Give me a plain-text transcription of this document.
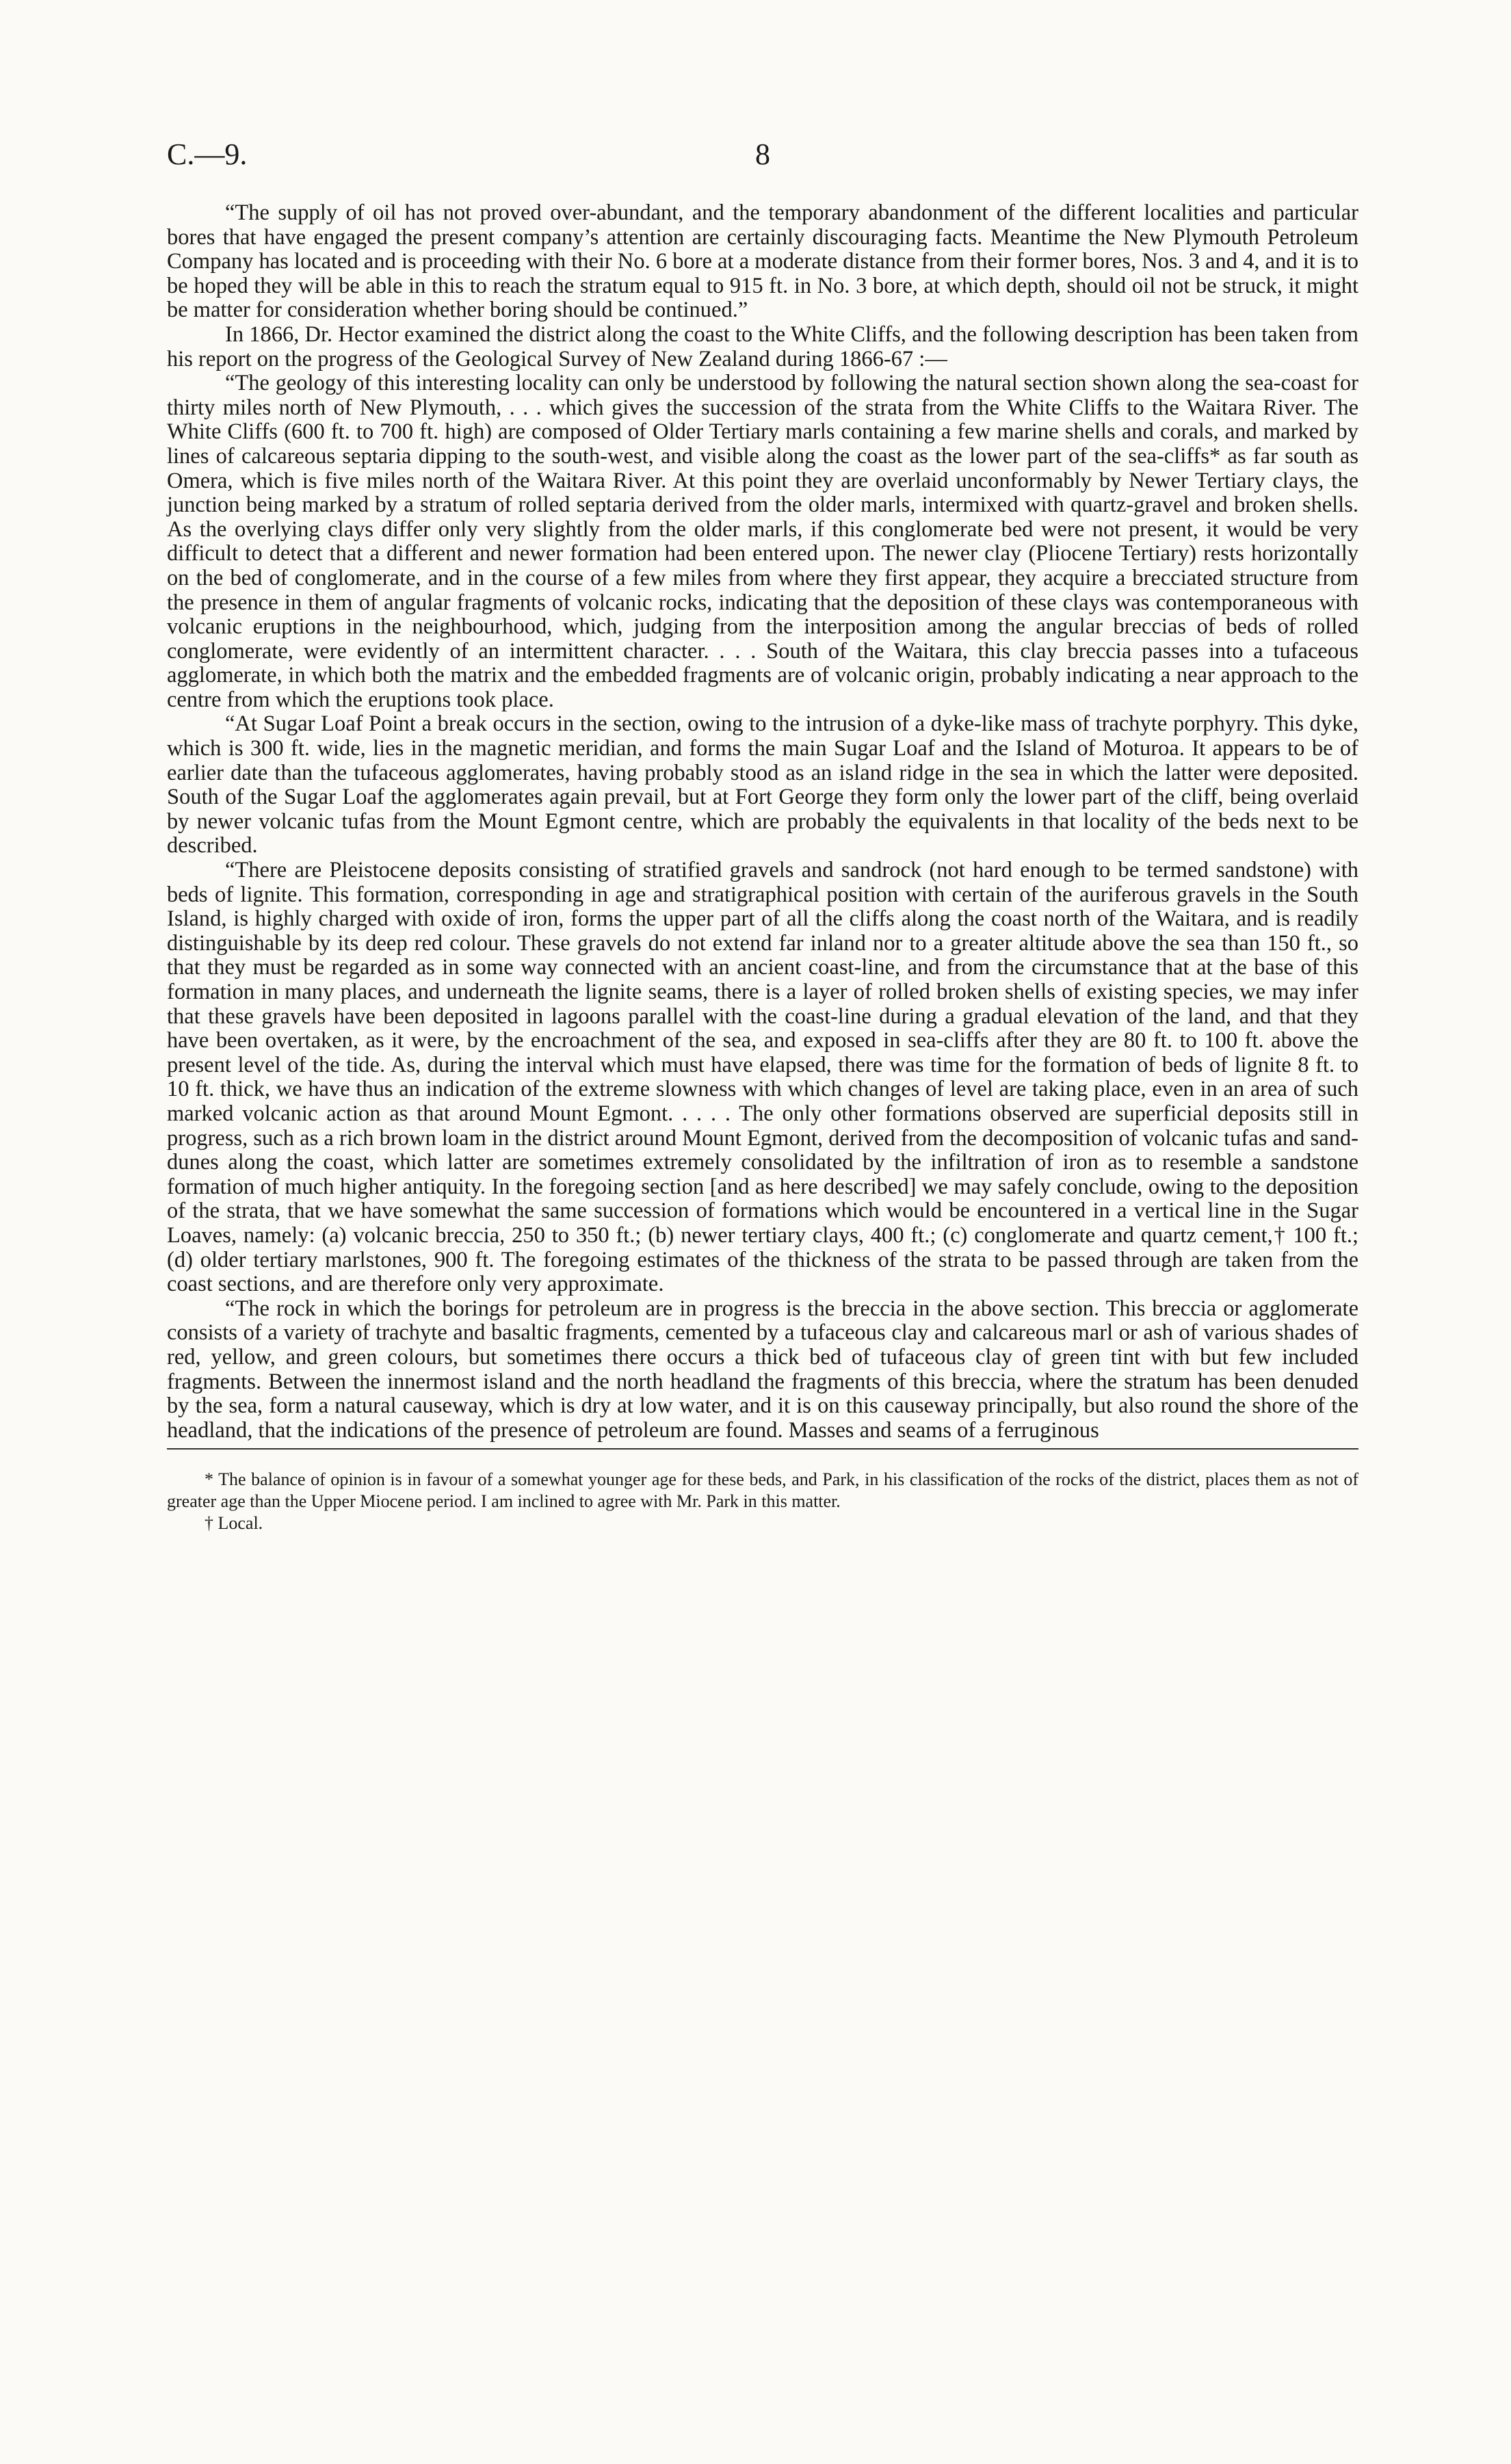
C.—9.	8

“The supply of oil has not proved over-abundant, and the temporary abandonment of the different localities and particular bores that have engaged the present company’s attention are certainly discouraging facts. Meantime the New Plymouth Petroleum Company has located and is proceeding with their No. 6 bore at a moderate distance from their former bores, Nos. 3 and 4, and it is to be hoped they will be able in this to reach the stratum equal to 915 ft. in No. 3 bore, at which depth, should oil not be struck, it might be matter for consideration whether boring should be continued.”

In 1866, Dr. Hector examined the district along the coast to the White Cliffs, and the following description has been taken from his report on the progress of the Geological Survey of New Zealand during 1866-67 :—

“The geology of this interesting locality can only be understood by following the natural section shown along the sea-coast for thirty miles north of New Plymouth, . . . which gives the succession of the strata from the White Cliffs to the Waitara River. The White Cliffs (600 ft. to 700 ft. high) are composed of Older Tertiary marls containing a few marine shells and corals, and marked by lines of calcareous septaria dipping to the south-west, and visible along the coast as the lower part of the sea-cliffs* as far south as Omera, which is five miles north of the Waitara River. At this point they are overlaid unconformably by Newer Tertiary clays, the junction being marked by a stratum of rolled septaria derived from the older marls, intermixed with quartz-gravel and broken shells. As the overlying clays differ only very slightly from the older marls, if this conglomerate bed were not present, it would be very difficult to detect that a different and newer formation had been entered upon. The newer clay (Pliocene Tertiary) rests horizontally on the bed of conglomerate, and in the course of a few miles from where they first appear, they acquire a brecciated structure from the presence in them of angular fragments of volcanic rocks, indicating that the deposition of these clays was contemporaneous with volcanic eruptions in the neighbourhood, which, judging from the interposition among the angular breccias of beds of rolled conglomerate, were evidently of an intermittent character. . . . South of the Waitara, this clay breccia passes into a tufaceous agglomerate, in which both the matrix and the embedded fragments are of volcanic origin, probably indicating a near approach to the centre from which the eruptions took place.

“At Sugar Loaf Point a break occurs in the section, owing to the intrusion of a dyke-like mass of trachyte porphyry. This dyke, which is 300 ft. wide, lies in the magnetic meridian, and forms the main Sugar Loaf and the Island of Moturoa. It appears to be of earlier date than the tufaceous agglomerates, having probably stood as an island ridge in the sea in which the latter were deposited. South of the Sugar Loaf the agglomerates again prevail, but at Fort George they form only the lower part of the cliff, being overlaid by newer volcanic tufas from the Mount Egmont centre, which are probably the equivalents in that locality of the beds next to be described.

“There are Pleistocene deposits consisting of stratified gravels and sandrock (not hard enough to be termed sandstone) with beds of lignite. This formation, corresponding in age and stratigraphical position with certain of the auriferous gravels in the South Island, is highly charged with oxide of iron, forms the upper part of all the cliffs along the coast north of the Waitara, and is readily distinguishable by its deep red colour. These gravels do not extend far inland nor to a greater altitude above the sea than 150 ft., so that they must be regarded as in some way connected with an ancient coast-line, and from the circumstance that at the base of this formation in many places, and underneath the lignite seams, there is a layer of rolled broken shells of existing species, we may infer that these gravels have been deposited in lagoons parallel with the coast-line during a gradual elevation of the land, and that they have been overtaken, as it were, by the encroachment of the sea, and exposed in sea-cliffs after they are 80 ft. to 100 ft. above the present level of the tide. As, during the interval which must have elapsed, there was time for the formation of beds of lignite 8 ft. to 10 ft. thick, we have thus an indication of the extreme slowness with which changes of level are taking place, even in an area of such marked volcanic action as that around Mount Egmont. . . . . The only other formations observed are superficial deposits still in progress, such as a rich brown loam in the district around Mount Egmont, derived from the decomposition of volcanic tufas and sand-dunes along the coast, which latter are sometimes extremely consolidated by the infiltration of iron as to resemble a sandstone formation of much higher antiquity. In the foregoing section [and as here described] we may safely conclude, owing to the deposition of the strata, that we have somewhat the same succession of formations which would be encountered in a vertical line in the Sugar Loaves, namely: (a) volcanic breccia, 250 to 350 ft.; (b) newer tertiary clays, 400 ft.; (c) conglomerate and quartz cement,† 100 ft.; (d) older tertiary marlstones, 900 ft. The foregoing estimates of the thickness of the strata to be passed through are taken from the coast sections, and are therefore only very approximate.

“The rock in which the borings for petroleum are in progress is the breccia in the above section. This breccia or agglomerate consists of a variety of trachyte and basaltic fragments, cemented by a tufaceous clay and calcareous marl or ash of various shades of red, yellow, and green colours, but sometimes there occurs a thick bed of tufaceous clay of green tint with but few included fragments. Between the innermost island and the north headland the fragments of this breccia, where the stratum has been denuded by the sea, form a natural causeway, which is dry at low water, and it is on this causeway principally, but also round the shore of the headland, that the indications of the presence of petroleum are found. Masses and seams of a ferruginous

* The balance of opinion is in favour of a somewhat younger age for these beds, and Park, in his classification of the rocks of the district, places them as not of greater age than the Upper Miocene period. I am inclined to agree with Mr. Park in this matter.

† Local.
